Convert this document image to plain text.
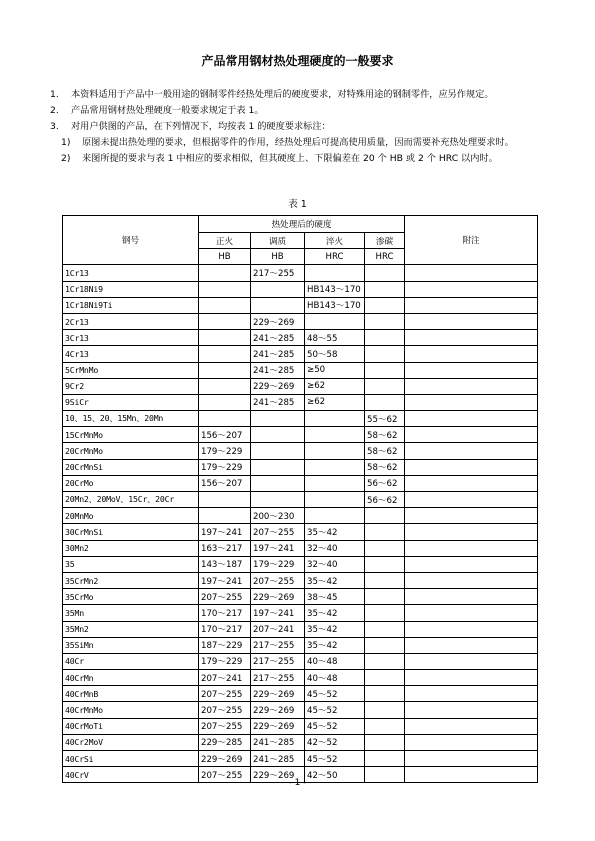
产品常用钢材热处理硬度的一般要求
1.	本资料适用于产品中一般用途的钢制零件经热处理后的硬度要求，对特殊用途的钢制零件，应另作规定。
2.	产品常用钢材热处理硬度一般要求规定于表 1。
3.	对用户供图的产品，在下列情况下，均按表 1 的硬度要求标注：
1)	原图未提出热处理的要求，但根据零件的作用，经热处理后可提高使用质量，因而需要补充热处理要求时。
2)	来图所提的要求与表 1 中相应的要求相似，但其硬度上、下限偏差在 20 个 HB 或 2 个 HRC 以内时。
表 1
钢号	热处理后的硬度				附注
	正火	调质	淬火	渗碳	
	HB	HB	HRC	HRC	
1Cr13		217～255			
1Cr18Ni9			HB143～170		
1Cr18Ni9Ti			HB143～170		
2Cr13		229～269			
3Cr13		241～285	48～55		
4Cr13		241～285	50～58		
5CrMnMo		241～285	≥50		
9Cr2		229～269	≥62		
9SiCr		241～285	≥62		
10、15、20、15Mn、20Mn				55～62	
15CrMnMo	156～207			58～62	
20CrMnMo	179～229			58～62	
20CrMnSi	179～229			58～62	
20CrMo	156～207			56～62	
20Mn2、20MoV、15Cr、20Cr				56～62	
20MnMo		200～230			
30CrMnSi	197～241	207～255	35～42		
30Mn2	163～217	197～241	32～40		
35	143～187	179～229	32～40		
35CrMn2	197～241	207～255	35～42		
35CrMo	207～255	229～269	38～45		
35Mn	170～217	197～241	35～42		
35Mn2	170～217	207～241	35～42		
35SiMn	187～229	217～255	35～42		
40Cr	179～229	217～255	40～48		
40CrMn	207～241	217～255	40～48		
40CrMnB	207～255	229～269	45～52		
40CrMnMo	207～255	229～269	45～52		
40CrMoTi	207～255	229～269	45～52		
40Cr2MoV	229～285	241～285	42～52		
40CrSi	229～269	241～285	45～52		
40CrV	207～255	229～269	42～50		
- 1 -
